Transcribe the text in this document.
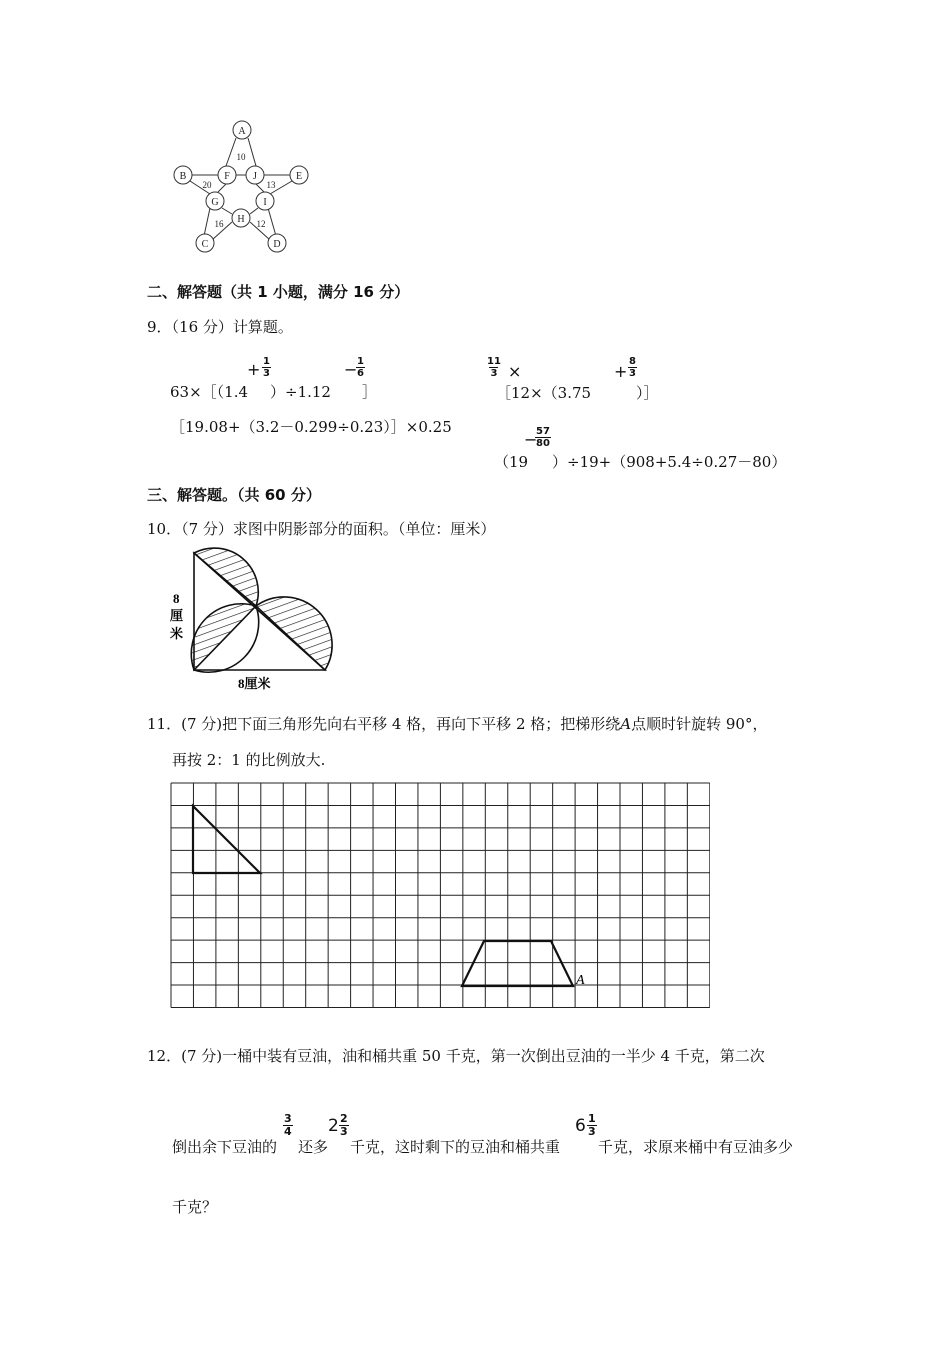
A
B
C	D
E
F
G
H
I
J
10
20	13
16	12
二、解答题（共 1 小题，满分 16 分）
9．（16 分）计算题。
63×［（1.4
+ $\frac{1}{3}$
）÷1.12
−
$\frac{1}{6}$
］
$\frac{11}{3}$ ×
［12×（3.75
+ $\frac{8}{3}$
）］
［19.08+（3.2－0.299÷0.23）］×0.25
（19
−
$\frac{57}{80}$
）÷19+（908+5.4÷0.27－80）
三、解答题。（共 60 分）
10．（7 分）求图中阴影部分的面积。（单位：厘米）
8
厘
米
8厘米
11．(7 分)把下面三角形先向右平移 4 格，再向下平移 2 格；把梯形绕A点顺时针旋转 90°，
再按 2：1 的比例放大.
A
12．(7 分)一桶中装有豆油，油和桶共重 50 千克，第一次倒出豆油的一半少 4 千克，第二次
倒出余下豆油的
$\frac{3}{4}$
还多
$2 \frac{2}{3}$
千克，这时剩下的豆油和桶共重
$6 \frac{1}{3}$
千克，求原来桶中有豆油多少
千克？
